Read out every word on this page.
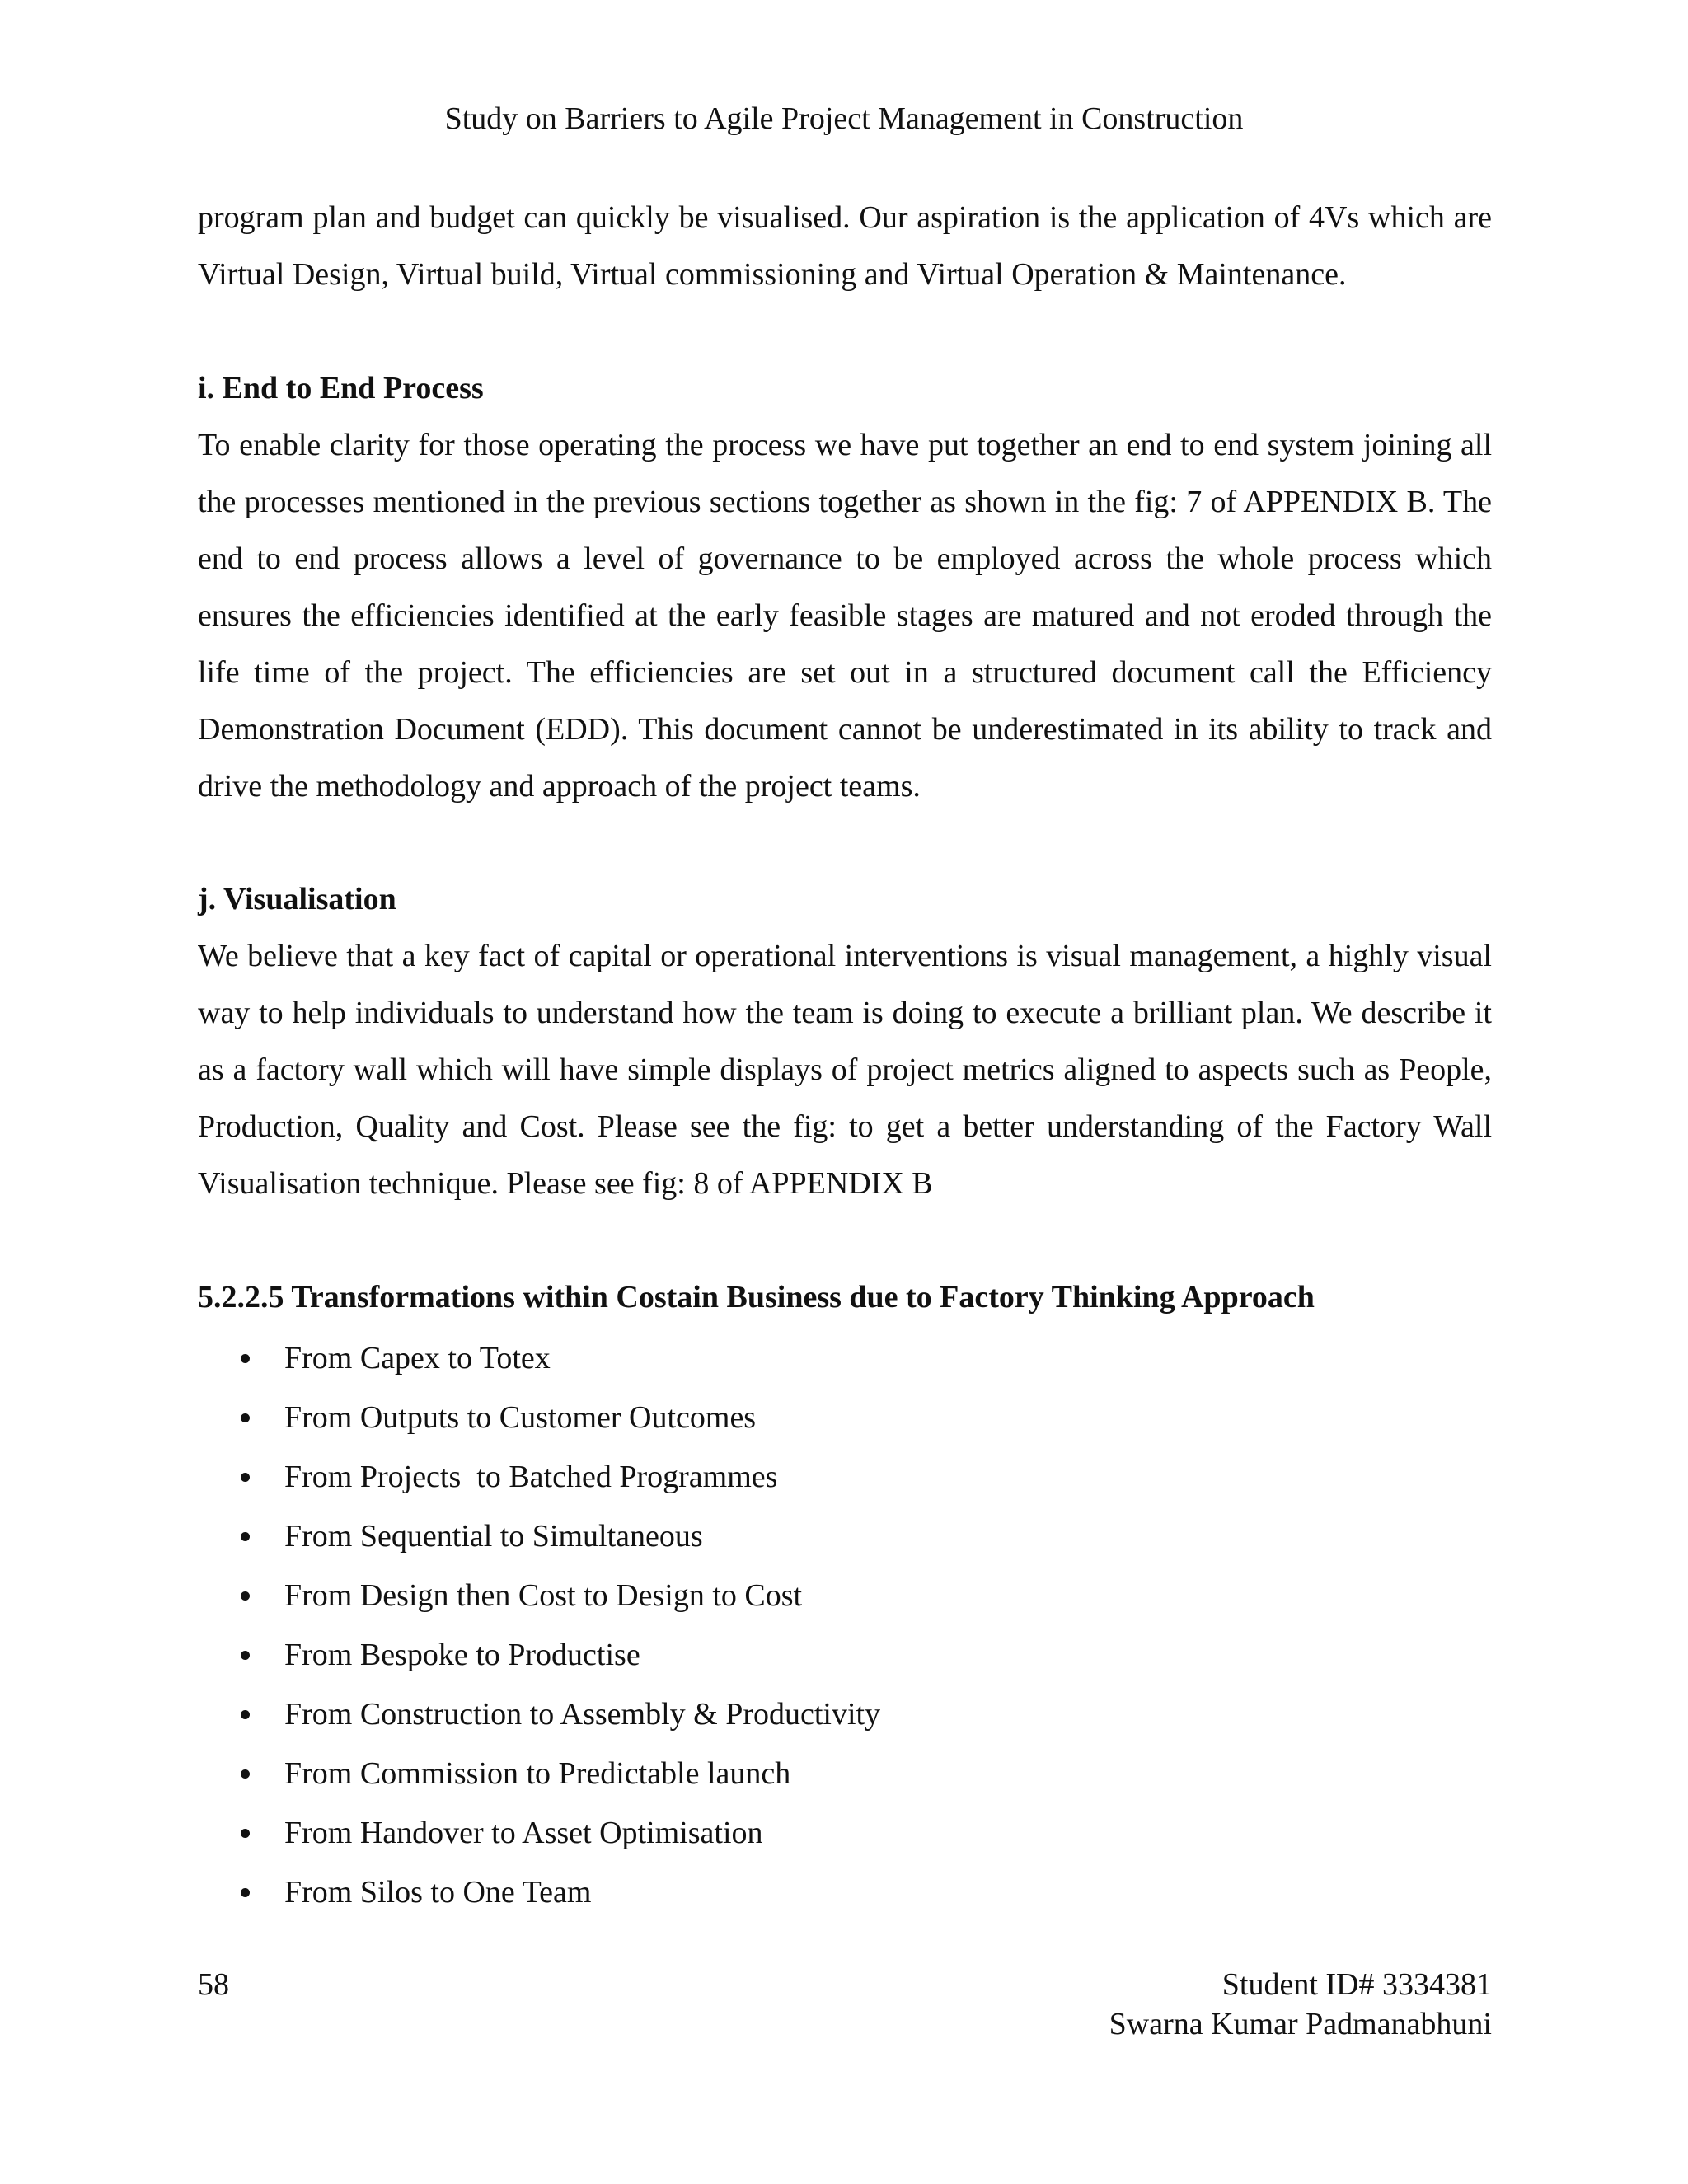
Study on Barriers to Agile Project Management in Construction

program plan and budget can quickly be visualised. Our aspiration is the application of 4Vs which are Virtual Design, Virtual build, Virtual commissioning and Virtual Operation & Maintenance.

i. End to End Process

To enable clarity for those operating the process we have put together an end to end system joining all the processes mentioned in the previous sections together as shown in the fig: 7 of APPENDIX B. The end to end process allows a level of governance to be employed across the whole process which ensures the efficiencies identified at the early feasible stages are matured and not eroded through the life time of the project. The efficiencies are set out in a structured document call the Efficiency Demonstration Document (EDD). This document cannot be underestimated in its ability to track and drive the methodology and approach of the project teams.

j. Visualisation

We believe that a key fact of capital or operational interventions is visual management, a highly visual way to help individuals to understand how the team is doing to execute a brilliant plan. We describe it as a factory wall which will have simple displays of project metrics aligned to aspects such as People, Production, Quality and Cost. Please see the fig: to get a better understanding of the Factory Wall Visualisation technique. Please see fig: 8 of APPENDIX B

5.2.2.5 Transformations within Costain Business due to Factory Thinking Approach
From Capex to Totex
From Outputs to Customer Outcomes
From Projects  to Batched Programmes
From Sequential to Simultaneous
From Design then Cost to Design to Cost
From Bespoke to Productise
From Construction to Assembly & Productivity
From Commission to Predictable launch
From Handover to Asset Optimisation
From Silos to One Team
58	Student ID# 3334381
Swarna Kumar Padmanabhuni
